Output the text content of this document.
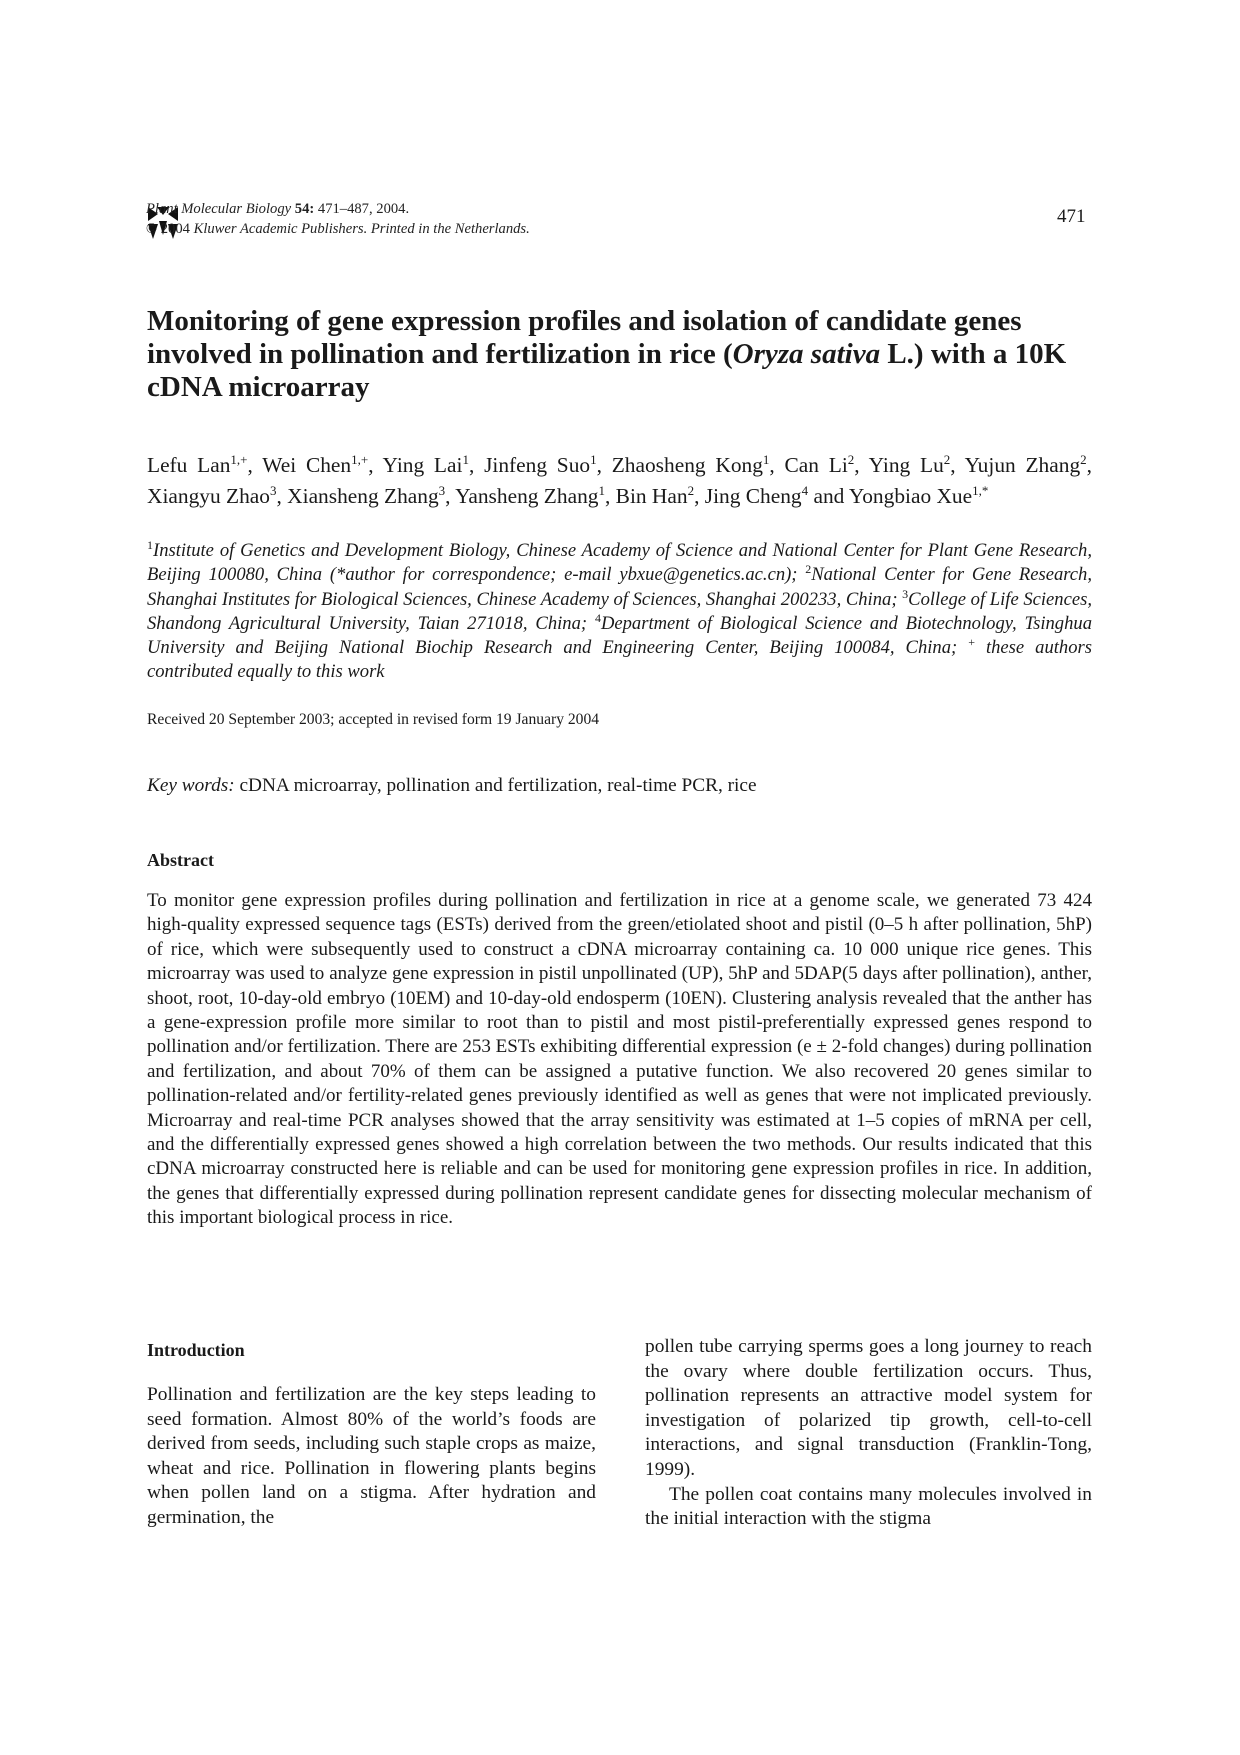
Plant Molecular Biology 54: 471–487, 2004.
© 2004 Kluwer Academic Publishers. Printed in the Netherlands.
471
Monitoring of gene expression profiles and isolation of candidate genes involved in pollination and fertilization in rice (Oryza sativa L.) with a 10K cDNA microarray
Lefu Lan$^{1,+}$, Wei Chen$^{1,+}$, Ying Lai$^1$, Jinfeng Suo$^1$, Zhaosheng Kong$^1$, Can Li$^2$, Ying Lu$^2$, Yujun Zhang$^2$, Xiangyu Zhao$^3$, Xiansheng Zhang$^3$, Yansheng Zhang$^1$, Bin Han$^2$, Jing Cheng$^4$ and Yongbiao Xue$^{1,*}$
$^1$Institute of Genetics and Development Biology, Chinese Academy of Science and National Center for Plant Gene Research, Beijing 100080, China (*author for correspondence; e-mail ybxue@genetics.ac.cn); $^2$National Center for Gene Research, Shanghai Institutes for Biological Sciences, Chinese Academy of Sciences, Shanghai 200233, China; $^3$College of Life Sciences, Shandong Agricultural University, Taian 271018, China; $^4$Department of Biological Science and Biotechnology, Tsinghua University and Beijing National Biochip Research and Engineering Center, Beijing 100084, China; + these authors contributed equally to this work
Received 20 September 2003; accepted in revised form 19 January 2004
Key words: cDNA microarray, pollination and fertilization, real-time PCR, rice
Abstract

To monitor gene expression profiles during pollination and fertilization in rice at a genome scale, we generated 73 424 high-quality expressed sequence tags (ESTs) derived from the green/etiolated shoot and pistil (0–5 h after pollination, 5hP) of rice, which were subsequently used to construct a cDNA microarray containing ca. 10 000 unique rice genes. This microarray was used to analyze gene expression in pistil unpollinated (UP), 5hP and 5DAP(5 days after pollination), anther, shoot, root, 10-day-old embryo (10EM) and 10-day-old endosperm (10EN). Clustering analysis revealed that the anther has a gene-expression profile more similar to root than to pistil and most pistil-preferentially expressed genes respond to pollination and/or fertilization. There are 253 ESTs exhibiting differential expression (e ± 2-fold changes) during pollination and fertilization, and about 70% of them can be assigned a putative function. We also recovered 20 genes similar to pollination-related and/or fertility-related genes previously identified as well as genes that were not implicated previously. Microarray and real-time PCR analyses showed that the array sensitivity was estimated at 1–5 copies of mRNA per cell, and the differentially expressed genes showed a high correlation between the two methods. Our results indicated that this cDNA microarray constructed here is reliable and can be used for monitoring gene expression profiles in rice. In addition, the genes that differentially expressed during pollination represent candidate genes for dissecting molecular mechanism of this important biological process in rice.

Introduction

Pollination and fertilization are the key steps leading to seed formation. Almost 80% of the world’s foods are derived from seeds, including such staple crops as maize, wheat and rice. Pollination in flowering plants begins when pollen land on a stigma. After hydration and germination, the

pollen tube carrying sperms goes a long journey to reach the ovary where double fertilization occurs. Thus, pollination represents an attractive model system for investigation of polarized tip growth, cell-to-cell interactions, and signal transduction (Franklin-Tong, 1999).

The pollen coat contains many molecules involved in the initial interaction with the stigma
